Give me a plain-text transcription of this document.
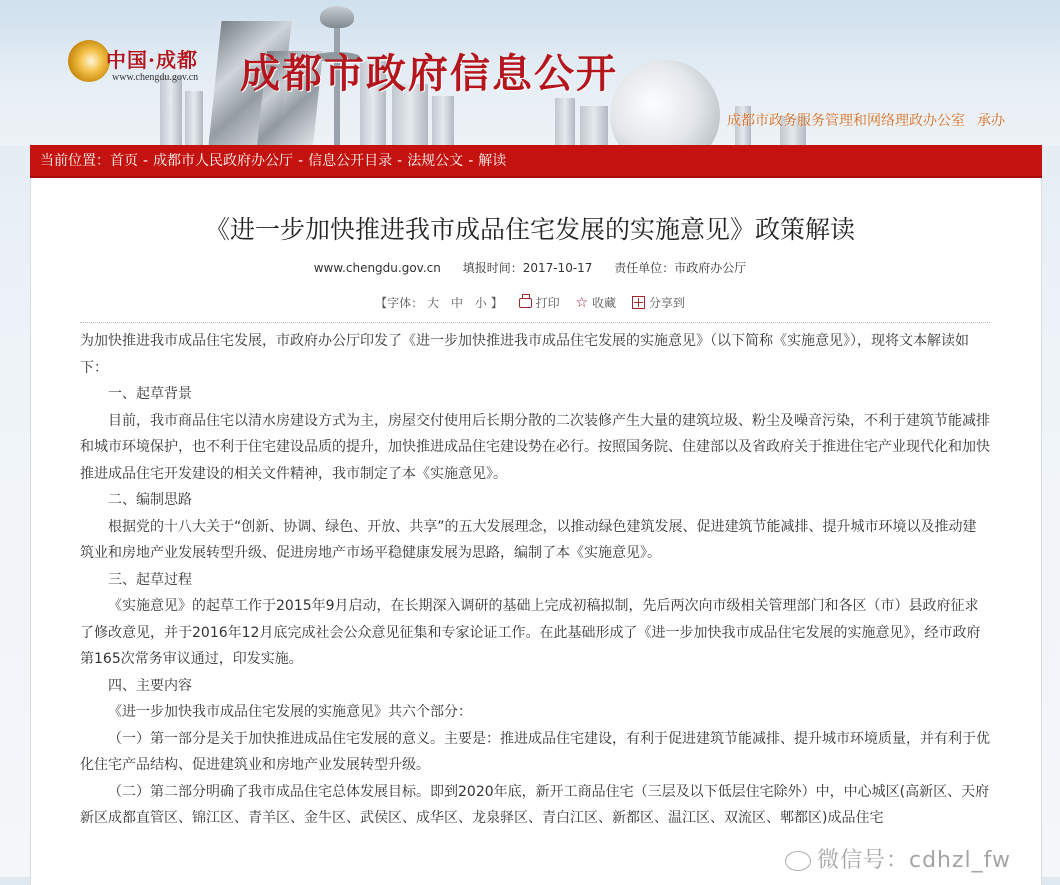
中国·成都
www.chengdu.gov.cn 成都市政府信息公开
成都市政务服务管理和网络理政办公室 承办
当前位置：首页 - 成都市人民政府办公厅 - 信息公开目录 - 法规公文 - 解读
《进一步加快推进我市成品住宅发展的实施意见》政策解读
www.chengdu.gov.cn 填报时间：2017-10-17 责任单位：市政府办公厅
【字体： 大
中
小 】
	打印
☆ 收藏
	分享到

为加快推进我市成品住宅发展，市政府办公厅印发了《进一步加快推进我市成品住宅发展的实施意见》（以下简称《实施意见》），现将文本解读如下：

一、起草背景

目前，我市商品住宅以清水房建设方式为主，房屋交付使用后长期分散的二次装修产生大量的建筑垃圾、粉尘及噪音污染，不利于建筑节能减排和城市环境保护，也不利于住宅建设品质的提升，加快推进成品住宅建设势在必行。按照国务院、住建部以及省政府关于推进住宅产业现代化和加快推进成品住宅开发建设的相关文件精神，我市制定了本《实施意见》。

二、编制思路

根据党的十八大关于“创新、协调、绿色、开放、共享”的五大发展理念，以推动绿色建筑发展、促进建筑节能减排、提升城市环境以及推动建筑业和房地产业发展转型升级、促进房地产市场平稳健康发展为思路，编制了本《实施意见》。

三、起草过程

《实施意见》的起草工作于2015年9月启动，在长期深入调研的基础上完成初稿拟制，先后两次向市级相关管理部门和各区（市）县政府征求了修改意见，并于2016年12月底完成社会公众意见征集和专家论证工作。在此基础形成了《进一步加快我市成品住宅发展的实施意见》，经市政府第165次常务审议通过，印发实施。

四、主要内容

《进一步加快我市成品住宅发展的实施意见》共六个部分：

（一）第一部分是关于加快推进成品住宅发展的意义。主要是：推进成品住宅建设，有利于促进建筑节能减排、提升城市环境质量，并有利于优化住宅产品结构、促进建筑业和房地产业发展转型升级。

（二）第二部分明确了我市成品住宅总体发展目标。即到2020年底，新开工商品住宅（三层及以下低层住宅除外）中，中心城区(高新区、天府新区成都直管区、锦江区、青羊区、金牛区、武侯区、成华区、龙泉驿区、青白江区、新都区、温江区、双流区、郫都区)成品住宅

微信号：cdhzl_fw
